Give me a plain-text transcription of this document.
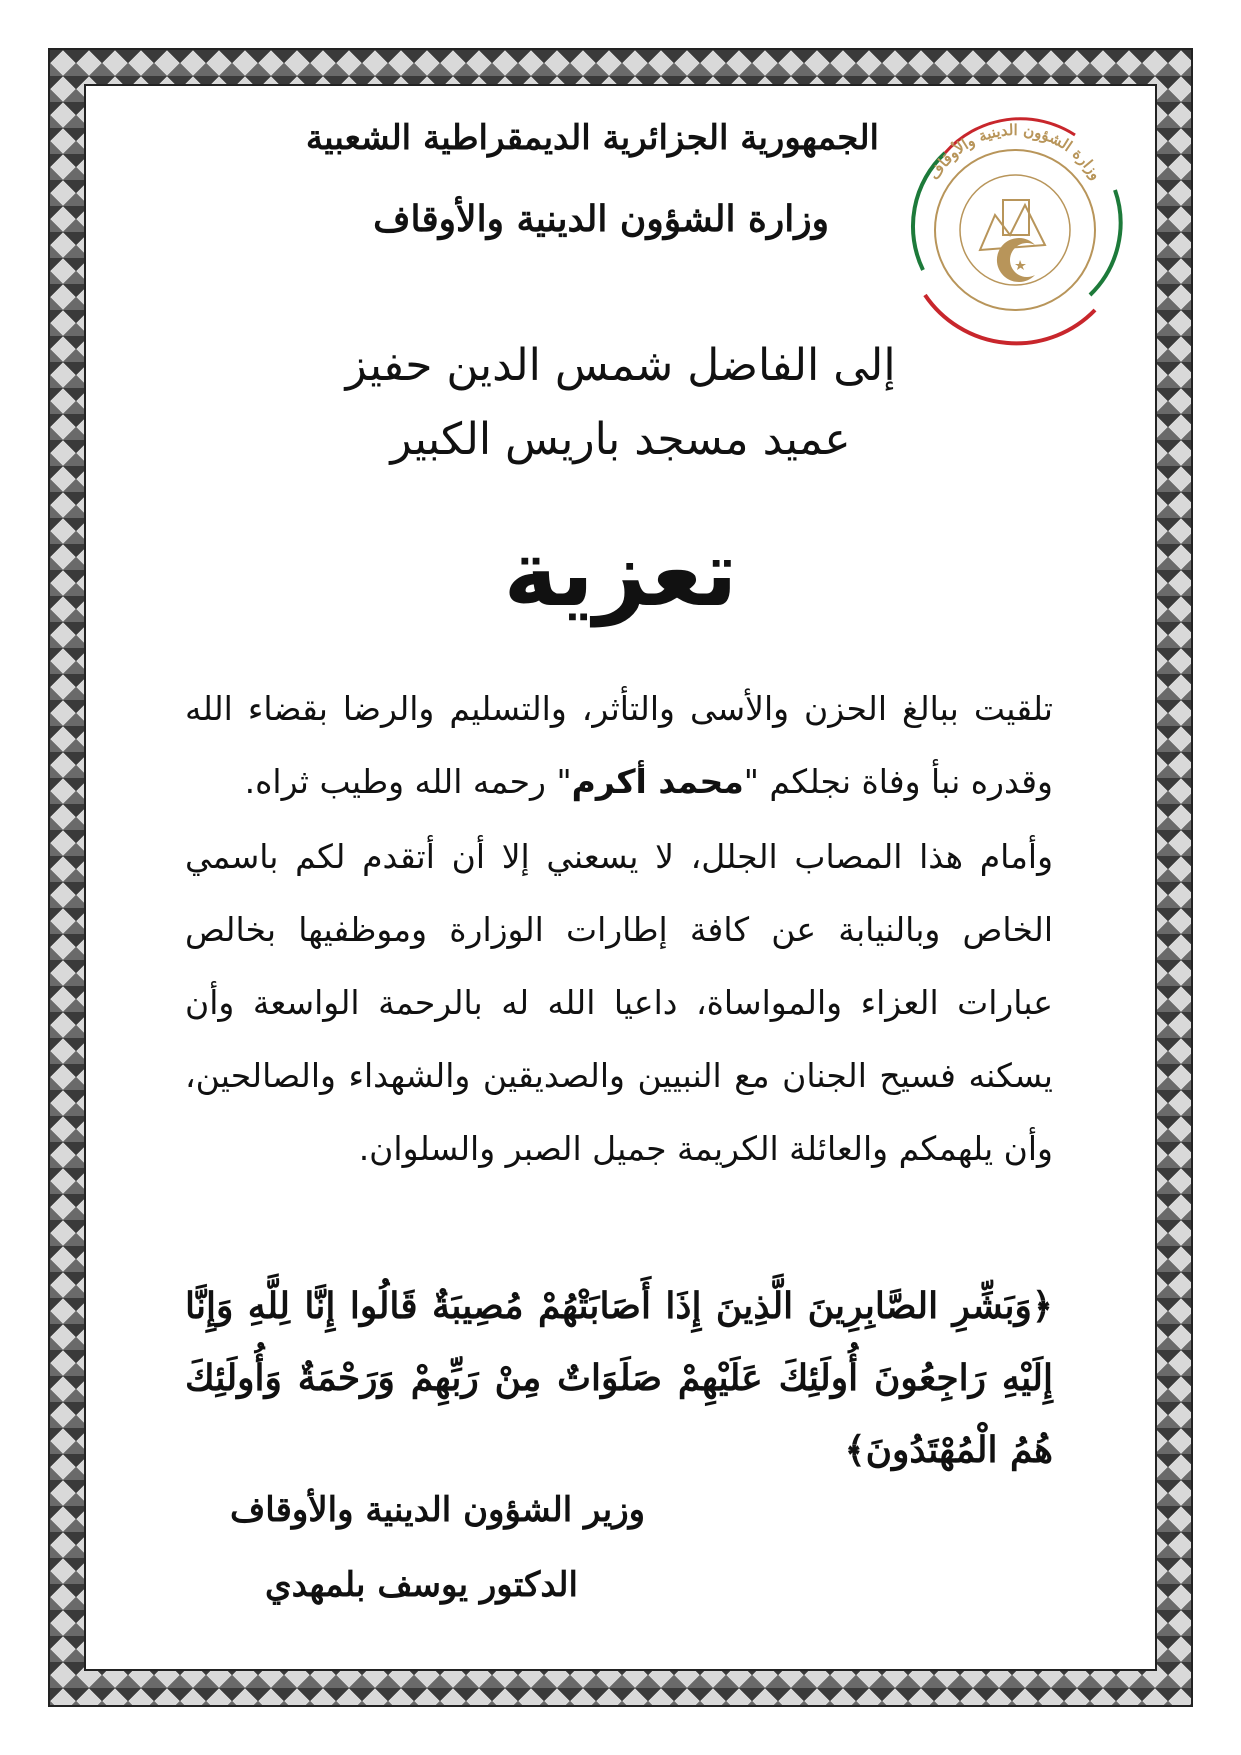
وزارة الشؤون الدينية والأوقاف
الجمهورية الجزائرية الديمقراطية الشعبية
وزارة الشؤون الدينية والأوقاف
إلى الفاضل شمس الدين حفيز
عميد مسجد باريس الكبير
تعزية
تلقيت ببالغ الحزن والأسى والتأثر، والتسليم والرضا بقضاء الله وقدره نبأ وفاة نجلكم "محمد أكرم" رحمه الله وطيب ثراه.
وأمام هذا المصاب الجلل، لا يسعني إلا أن أتقدم لكم باسمي الخاص وبالنيابة عن كافة إطارات الوزارة وموظفيها بخالص عبارات العزاء والمواساة، داعيا الله له بالرحمة الواسعة وأن يسكنه فسيح الجنان مع النبيين والصديقين والشهداء والصالحين، وأن يلهمكم والعائلة الكريمة جميل الصبر والسلوان.
﴿وَبَشِّرِ الصَّابِرِينَ الَّذِينَ إِذَا أَصَابَتْهُمْ مُصِيبَةٌ قَالُوا إِنَّا لِلَّهِ وَإِنَّا إِلَيْهِ رَاجِعُونَ أُولَئِكَ عَلَيْهِمْ صَلَوَاتٌ مِنْ رَبِّهِمْ وَرَحْمَةٌ وَأُولَئِكَ هُمُ الْمُهْتَدُونَ﴾
وزير الشؤون الدينية والأوقاف
الدكتور يوسف بلمهدي
